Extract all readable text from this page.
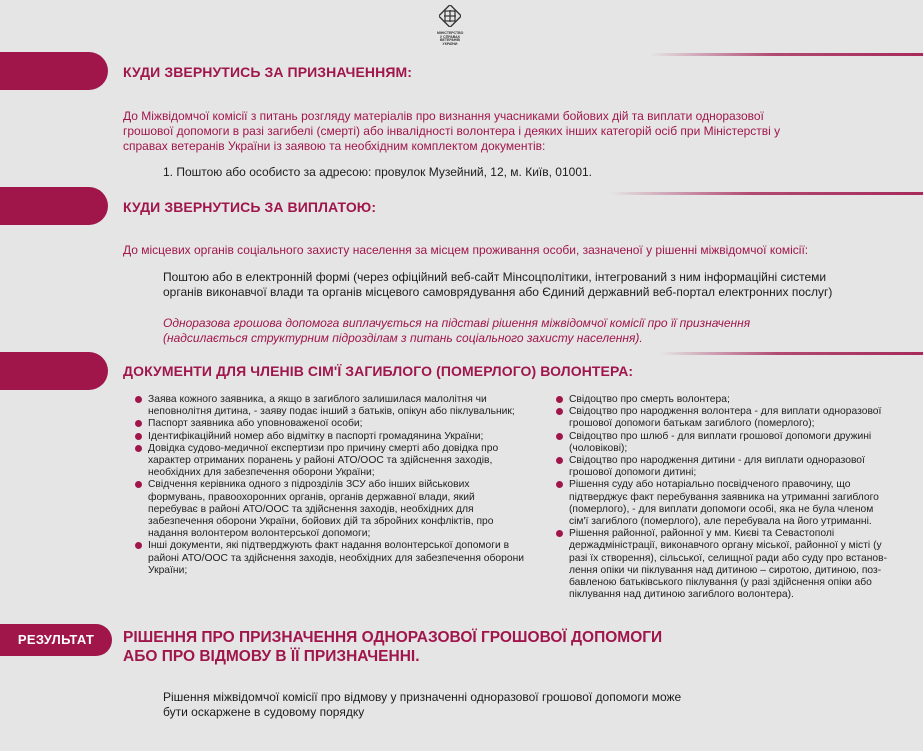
МІНІСТЕРСТВО У СПРАВАХ ВЕТЕРАНІВ УКРАЇНИ
КУДИ ЗВЕРНУТИСЬ ЗА ПРИЗНАЧЕННЯМ:

До Міжвідомчої комісії з питань розгляду матеріалів про визнання учасниками бойових дій та виплати одноразової грошової допомоги в разі загибелі (смерті) або інвалідності волонтера і деяких інших категорій осіб при Міністерстві у справах ветеранів України із заявою та необхідним комплектом документів:

1. Поштою або особисто за адресою: провулок Музейний, 12, м. Київ, 01001.

КУДИ ЗВЕРНУТИСЬ ЗА ВИПЛАТОЮ:

До місцевих органів соціального захисту населення за місцем проживання особи, зазначеної у рішенні міжвідомчої комісії:

Поштою або в електронній формі (через офіційний веб-сайт Мінсоцполітики, інтегрований з ним інформаційні системи органів виконавчої влади та органів місцевого самоврядування або Єдиний державний веб-портал електронних послуг)

Одноразова грошова допомога виплачується на підставі рішення міжвідомчої комісії про її призначення (надсилається структурним підрозділам з питань соціального захисту населення).

ДОКУМЕНТИ ДЛЯ ЧЛЕНІВ СІМ'Ї ЗАГИБЛОГО (ПОМЕРЛОГО) ВОЛОНТЕРА:
Заява кожного заявника, а якщо в загиблого залишилася малолітня чи неповнолітня дитина, - заяву подає інший з батьків, опікун або піклувальник;
Паспорт заявника або уповноваженої особи;
Ідентифікаційний номер або відмітку в паспорті громадянина України;
Довідка судово-медичної експертизи про причину смерті або довідка про характер отриманих поранень у районі АТО/ООС та здійснення заходів, необхідних для забезпечення оборони України;
Свідчення керівника одного з підрозділів ЗСУ або інших військових формувань, правоохоронних органів, органів державної влади, який перебуває в районі АТО/ООС та здійснення заходів, необхідних для забезпечення оборони України, бойових дій та збройних конфліктів, про надання волонтером волонтерської допомоги;
Інші документи, які підтверджують факт надання волонтерської допомоги в районі АТО/ООС та здійснення заходів, необхідних для забезпечення оборони України;
Свідоцтво про смерть волонтера;
Свідоцтво про народження волонтера - для виплати одноразової грошової допомоги батькам загиблого (померлого);
Свідоцтво про шлюб - для виплати грошової допомоги дружині (чоловікові);
Свідоцтво про народження дитини - для виплати одноразової грошової допомоги дитині;
Рішення суду або нотаріально посвідченого правочину, що підтверджує факт перебування заявника на утриманні загиблого (померлого), - для виплати допомоги особі, яка не була членом сім'ї загиблого (померлого), але перебувала на його утриманні.
Рішення районної, районної у мм. Києві та Севастополі держадміністрації, виконавчого органу міської, районної у місті (у разі їх створення), сільської, селищної ради або суду про встанов-лення опіки чи піклування над дитиною – сиротою, дитиною, поз-бавленою батьківського піклування (у разі здійснення опіки або піклування над дитиною загиблого волонтера).
РЕЗУЛЬТАТ	РІШЕННЯ ПРО ПРИЗНАЧЕННЯ ОДНОРАЗОВОЇ ГРОШОВОЇ ДОПОМОГИ АБО ПРО ВІДМОВУ В ЇЇ ПРИЗНАЧЕННІ.

Рішення міжвідомчої комісії про відмову у призначенні одноразової грошової допомоги може бути оскаржене в судовому порядку
